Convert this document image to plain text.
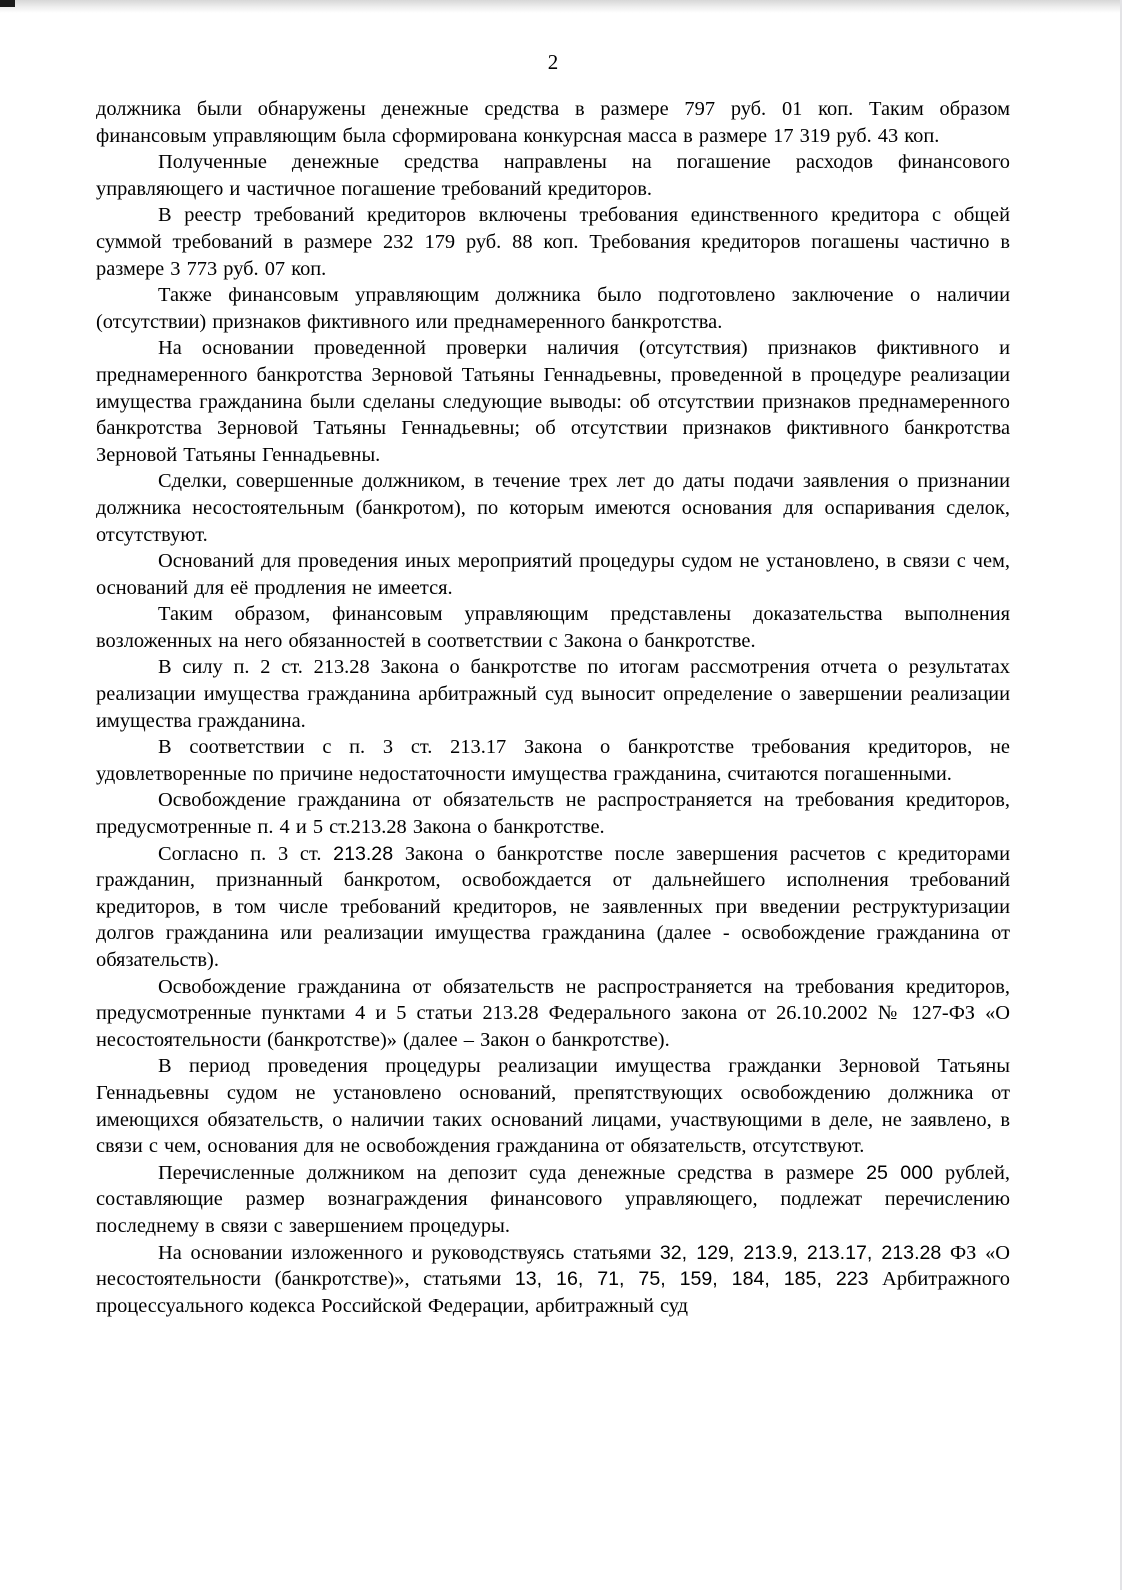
2

должника были обнаружены денежные средства в размере 797 руб. 01 коп. Таким образом финансовым управляющим была сформирована конкурсная масса в размере 17 319 руб. 43 коп.

Полученные денежные средства направлены на погашение расходов финансового управляющего и частичное погашение требований кредиторов.

В реестр требований кредиторов включены требования единственного кредитора с общей суммой требований в размере 232 179 руб. 88 коп. Требования кредиторов погашены частично в размере 3 773 руб. 07 коп.

Также финансовым управляющим должника было подготовлено заключение о наличии (отсутствии) признаков фиктивного или преднамеренного банкротства.

На основании проведенной проверки наличия (отсутствия) признаков фиктивного и преднамеренного банкротства Зерновой Татьяны Геннадьевны, проведенной в процедуре реализации имущества гражданина были сделаны следующие выводы: об отсутствии признаков преднамеренного банкротства Зерновой Татьяны Геннадьевны; об отсутствии признаков фиктивного банкротства Зерновой Татьяны Геннадьевны.

Сделки, совершенные должником, в течение трех лет до даты подачи заявления о признании должника несостоятельным (банкротом), по которым имеются основания для оспаривания сделок, отсутствуют.

Оснований для проведения иных мероприятий процедуры судом не установлено, в связи с чем, оснований для её продления не имеется.

Таким образом, финансовым управляющим представлены доказательства выполнения возложенных на него обязанностей в соответствии с Закона о банкротстве.

В силу п. 2 ст. 213.28 Закона о банкротстве по итогам рассмотрения отчета о результатах реализации имущества гражданина арбитражный суд выносит определение о завершении реализации имущества гражданина.

В соответствии с п. 3 ст. 213.17 Закона о банкротстве требования кредиторов, не удовлетворенные по причине недостаточности имущества гражданина, считаются погашенными.

Освобождение гражданина от обязательств не распространяется на требования кредиторов, предусмотренные п. 4 и 5 ст.213.28 Закона о банкротстве.

Согласно п. 3 ст. 213.28 Закона о банкротстве после завершения расчетов с кредиторами гражданин, признанный банкротом, освобождается от дальнейшего исполнения требований кредиторов, в том числе требований кредиторов, не заявленных при введении реструктуризации долгов гражданина или реализации имущества гражданина (далее - освобождение гражданина от обязательств).

Освобождение гражданина от обязательств не распространяется на требования кредиторов, предусмотренные пунктами 4 и 5 статьи 213.28 Федерального закона от 26.10.2002 № 127-ФЗ «О несостоятельности (банкротстве)» (далее – Закон о банкротстве).

В период проведения процедуры реализации имущества гражданки Зерновой Татьяны Геннадьевны судом не установлено оснований, препятствующих освобождению должника от имеющихся обязательств, о наличии таких оснований лицами, участвующими в деле, не заявлено, в связи с чем, основания для не освобождения гражданина от обязательств, отсутствуют.

Перечисленные должником на депозит суда денежные средства в размере 25 000 рублей, составляющие размер вознаграждения финансового управляющего, подлежат перечислению последнему в связи с завершением процедуры.

На основании изложенного и руководствуясь статьями 32, 129, 213.9, 213.17, 213.28 ФЗ «О несостоятельности (банкротстве)», статьями 13, 16, 71, 75, 159, 184, 185, 223 Арбитражного процессуального кодекса Российской Федерации, арбитражный суд
